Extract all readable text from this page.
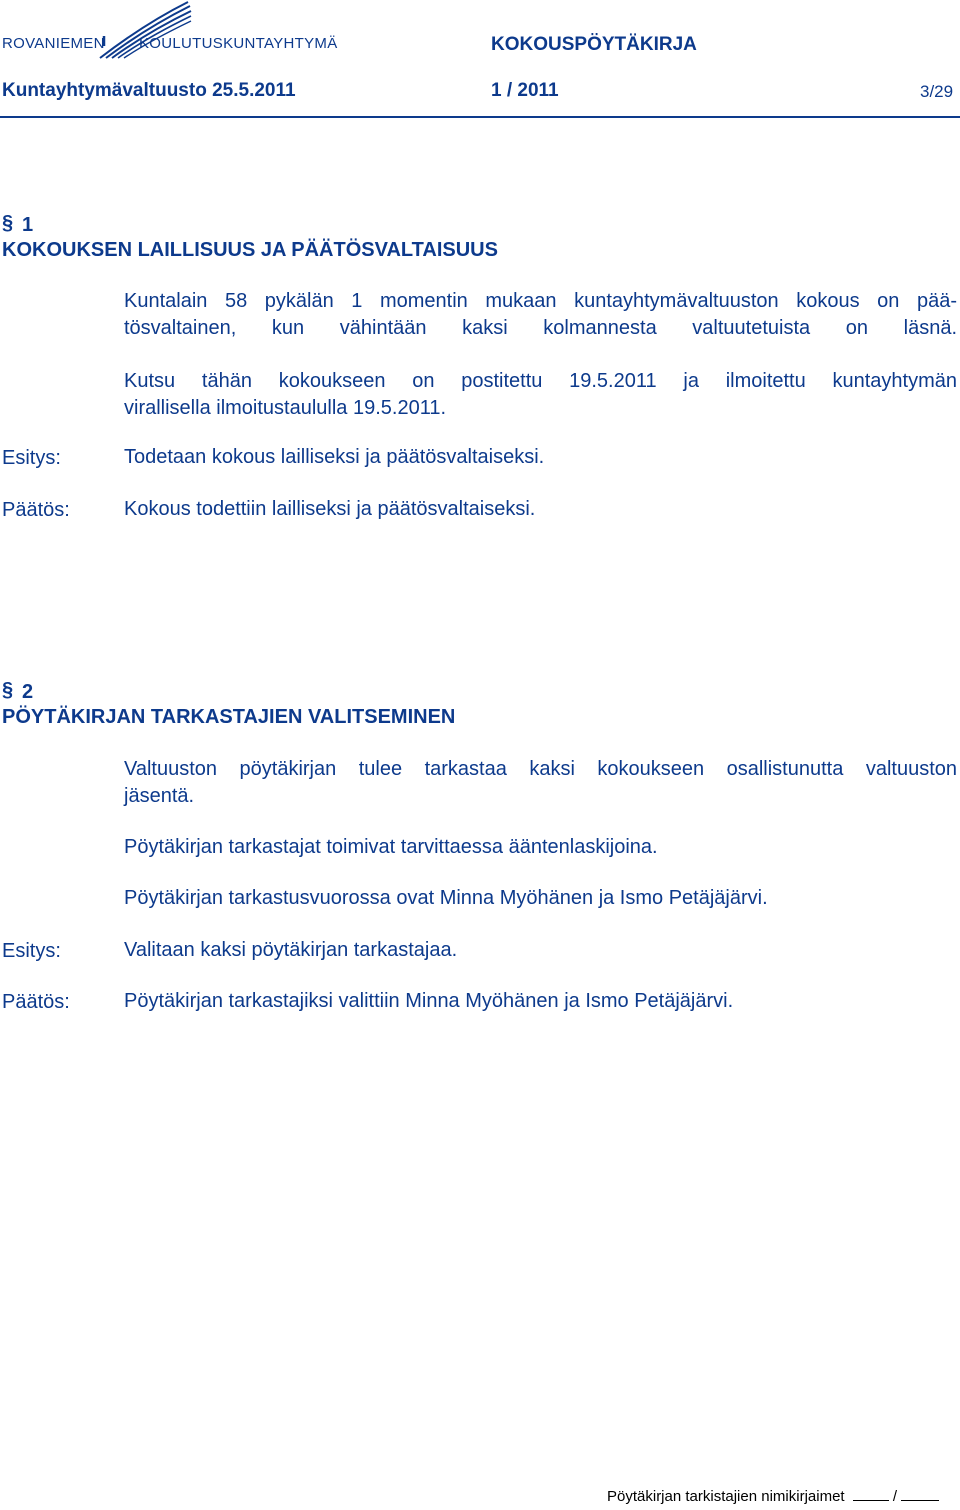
ROVANIEMEN KOULUTUSKUNTAYHTYMÄ	KOKOUSPÖYTÄKIRJA
Kuntayhtymävaltuusto 25.5.2011	1 / 2011	3/29
§ 1
KOKOUKSEN LAILLISUUS JA PÄÄTÖSVALTAISUUS
Kuntalain 58 pykälän 1 momentin mukaan kuntayhtymävaltuuston kokous on pää-
tösvaltainen, kun vähintään kaksi kolmannesta valtuutetuista on läsnä.
Kutsu tähän kokoukseen on postitettu 19.5.2011 ja ilmoitettu kuntayhtymän
virallisella ilmoitustaululla 19.5.2011.
Esitys:	Todetaan kokous lailliseksi ja päätösvaltaiseksi.
Päätös:	Kokous todettiin lailliseksi ja päätösvaltaiseksi.
§ 2
PÖYTÄKIRJAN TARKASTAJIEN VALITSEMINEN
Valtuuston pöytäkirjan tulee tarkastaa kaksi kokoukseen osallistunutta valtuuston
jäsentä.
Pöytäkirjan tarkastajat toimivat tarvittaessa ääntenlaskijoina.
Pöytäkirjan tarkastusvuorossa ovat Minna Myöhänen ja Ismo Petäjäjärvi.
Esitys:	Valitaan kaksi pöytäkirjan tarkastajaa.
Päätös:	Pöytäkirjan tarkastajiksi valittiin Minna Myöhänen ja Ismo Petäjäjärvi.
Pöytäkirjan tarkistajien nimikirjaimet	/
